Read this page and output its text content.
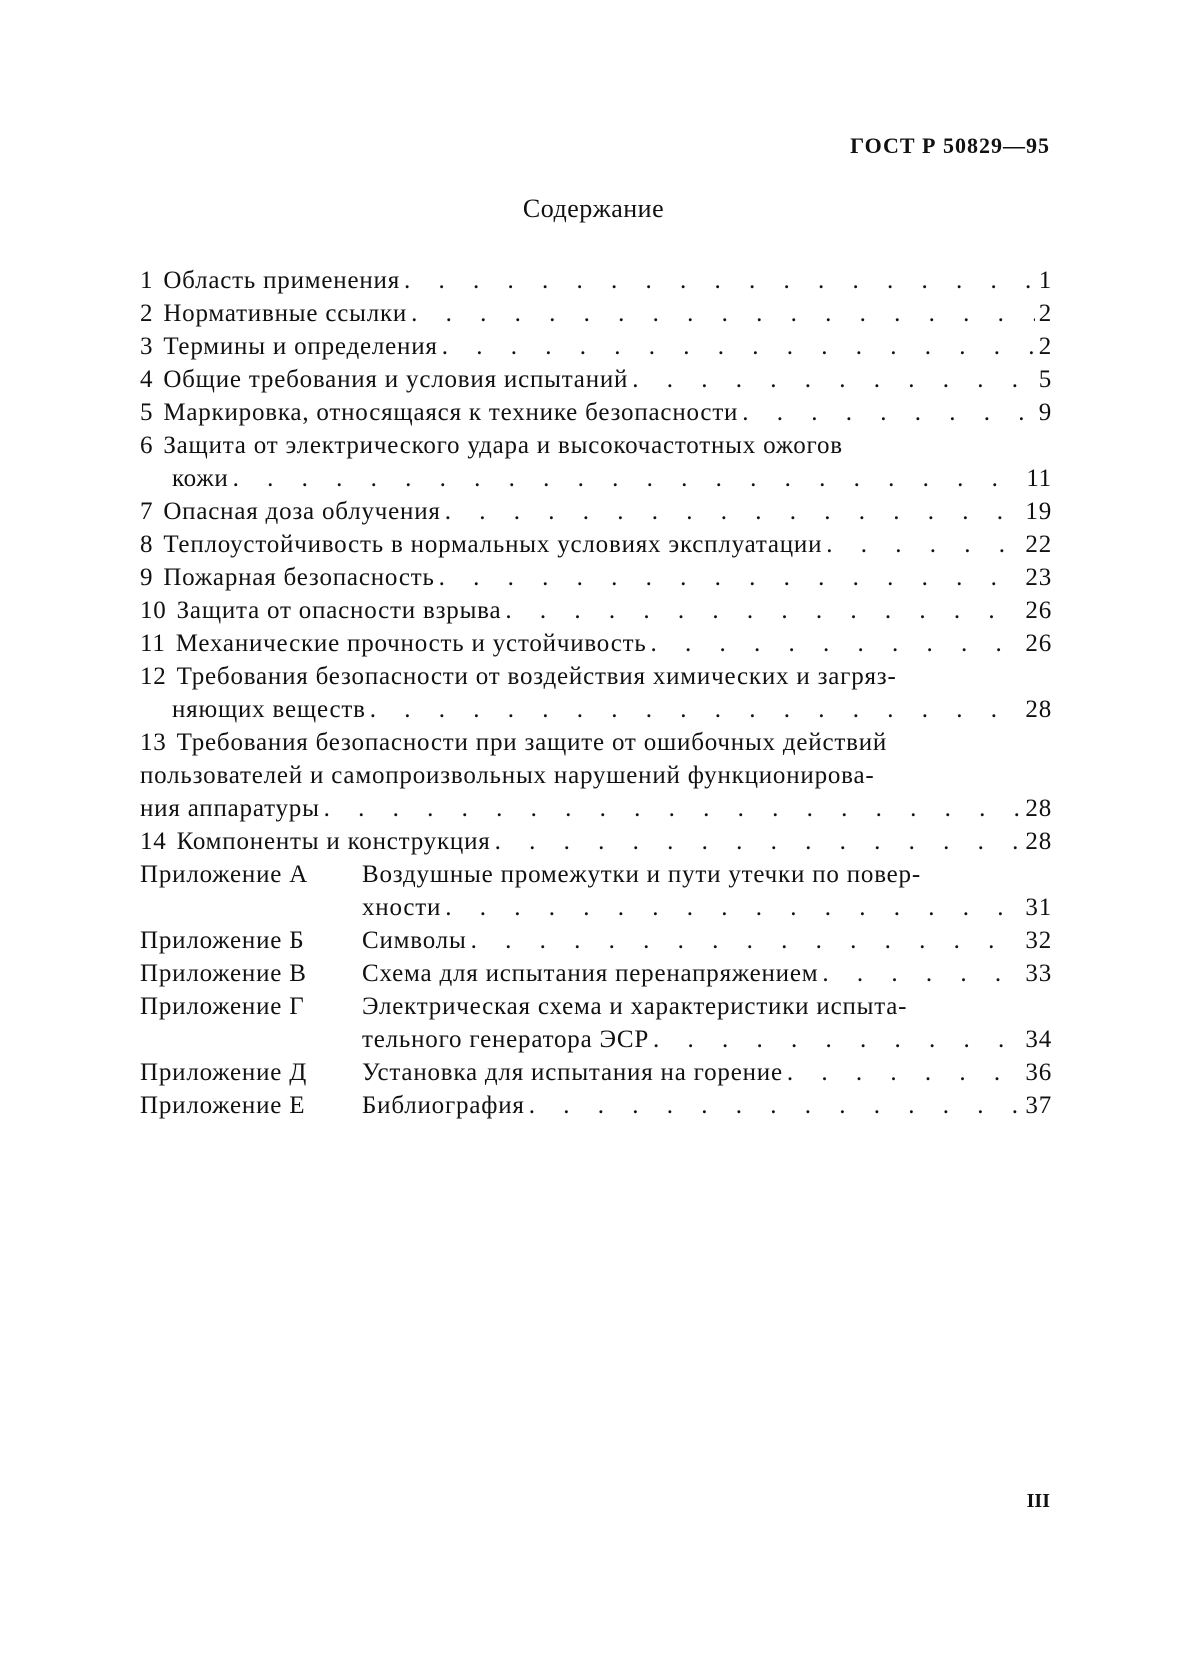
ГОСТ Р 50829—95
Содержание
1 Область применения . . .	1
2 Нормативные ссылки . . .	2
3 Термины и определения . . .	2
4 Общие требования и условия испытаний . . .	5
5 Маркировка, относящаяся к технике безопасности . . .	9
6 Защита от электрического удара и высокочастотных ожогов
кожи . . .	11
7 Опасная доза облучения . . .	19
8 Теплоустойчивость в нормальных условиях эксплуатации . . .	22
9 Пожарная безопасность . . .	23
10 Защита от опасности взрыва . . .	26
11 Механические прочность и устойчивость . . .	26
12 Требования безопасности от воздействия химических и загряз-
няющих веществ . . .	28
13 Требования безопасности при защите от ошибочных действий
пользователей и самопроизвольных нарушений функционирова-
ния аппаратуры . . .	28
14 Компоненты и конструкция . . .	28
Приложение А	Воздушные промежутки и пути утечки по повер-
хности . . .	31
Приложение Б	Символы . . .	32
Приложение В	Схема для испытания перенапряжением . . .	33
Приложение Г	Электрическая схема и характеристики испыта-
тельного генератора ЭСР . . .	34
Приложение Д	Установка для испытания на горение . . .	36
Приложение Е	Библиография . . .	37
III
